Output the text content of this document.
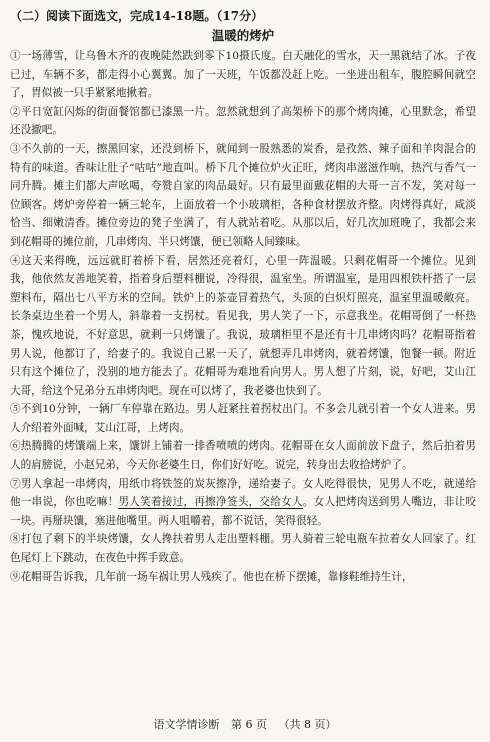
（二）阅读下面选文，完成14-18题。（17分）
温暖的烤炉

①一场薄雪，让乌鲁木齐的夜晚陡然跌到零下10摄氏度。白天融化的雪水，天一黑就结了冰。子夜已过，车辆不多，都走得小心翼翼。加了一天班，午饭都没赶上吃。一坐进出租车，腹腔瞬间就空了，胃似被一只手紧紧地揪着。

②平日宽缸闪烁的街面餐馆都已漆黑一片。忽然就想到了高架桥下的那个烤肉摊，心里默念，希望还没撤吧。

③不久前的一天，擦黑回家，还没到桥下，就闻到一股熟悉的炭香，是孜然、辣子面和羊肉混合的特有的味道。香味让肚子“咕咕”地直叫。桥下几个摊位炉火正旺，烤肉串滋滋作响，热汽与香气一同升腾。摊主们都大声吆喝，夸赞自家的肉品最好。只有最里面戴花帽的大哥一言不发，笑对每一位顾客。烤炉旁停着一辆三轮车，上面放着一个小玻璃柜，各种食材摆放齐整。肉烤得真好，咸淡恰当、细嫩清香。摊位旁边的凳子坐满了，有人就站着吃。从那以后，好几次加班晚了，我都会来到花帽哥的摊位前，几串烤肉、半只烤馕，便已领略人间臻味。

④这天来得晚，远远就盯着桥下看，居然还亮着灯，心里一阵温暖。只剩花帽哥一个摊位。见到我，他依然友善地笑着，指着身后塑料棚说，冷得很，温室坐。所谓温室，是用四根铁杆搭了一层塑料布，隔出七八平方米的空间。铁炉上的茶壶冒着热气，头顶的白炽灯照亮，温室里温暖敞亮。长条桌边坐着一个男人，斜靠着一支拐杖。看见我，男人笑了一下，示意我坐。花帽哥倒了一杯热茶，愧疚地说，不好意思，就剩一只烤馕了。我说，玻璃柜里不是还有十几串烤肉吗？花帽哥指着男人说，他都订了，给妻子的。我说自己累一天了，就想弄几串烤肉，就着烤馕，饱餐一顿。附近只有这个摊位了，没别的地方能去了。花帽哥为难地看向男人。男人想了片刻，说，好吧，艾山江大哥，给这个兄弟分五串烤肉吧。现在可以烤了，我老婆也快到了。

⑤不到10分钟，一辆厂车停靠在路边。男人赶紧拄着拐杖出门。不多会儿就引着一个女人进来。男人介绍着外面喊，艾山江哥，上烤肉。

⑥热腾腾的烤馕端上来，馕饼上铺着一排香喷喷的烤肉。花帽哥在女人面前放下盘子，然后拍着男人的肩膀说，小赵兄弟，今天你老婆生日，你们好好吃。说完，转身出去收拾烤炉了。

⑦男人拿起一串烤肉，用纸巾将铁签的炭灰擦净，递给妻子。女人吃得很快，见男人不吃，就递给他一串说，你也吃嘛！男人笑着接过，再擦净签头，交给女人。女人把烤肉送到男人嘴边，非让咬一块。再掰块馕，塞进他嘴里。两人咀嚼着，都不说话，笑得很轻。

⑧打包了剩下的半块烤馕，女人搀扶着男人走出塑料棚。男人骑着三轮电瓶车拉着女人回家了。红色尾灯上下跳动，在夜色中挥手致意。

⑨花帽哥告诉我，几年前一场车祸让男人残疾了。他也在桥下摆摊，靠修鞋维持生计，

语文学情诊断 第 6 页 （共 8 页）
